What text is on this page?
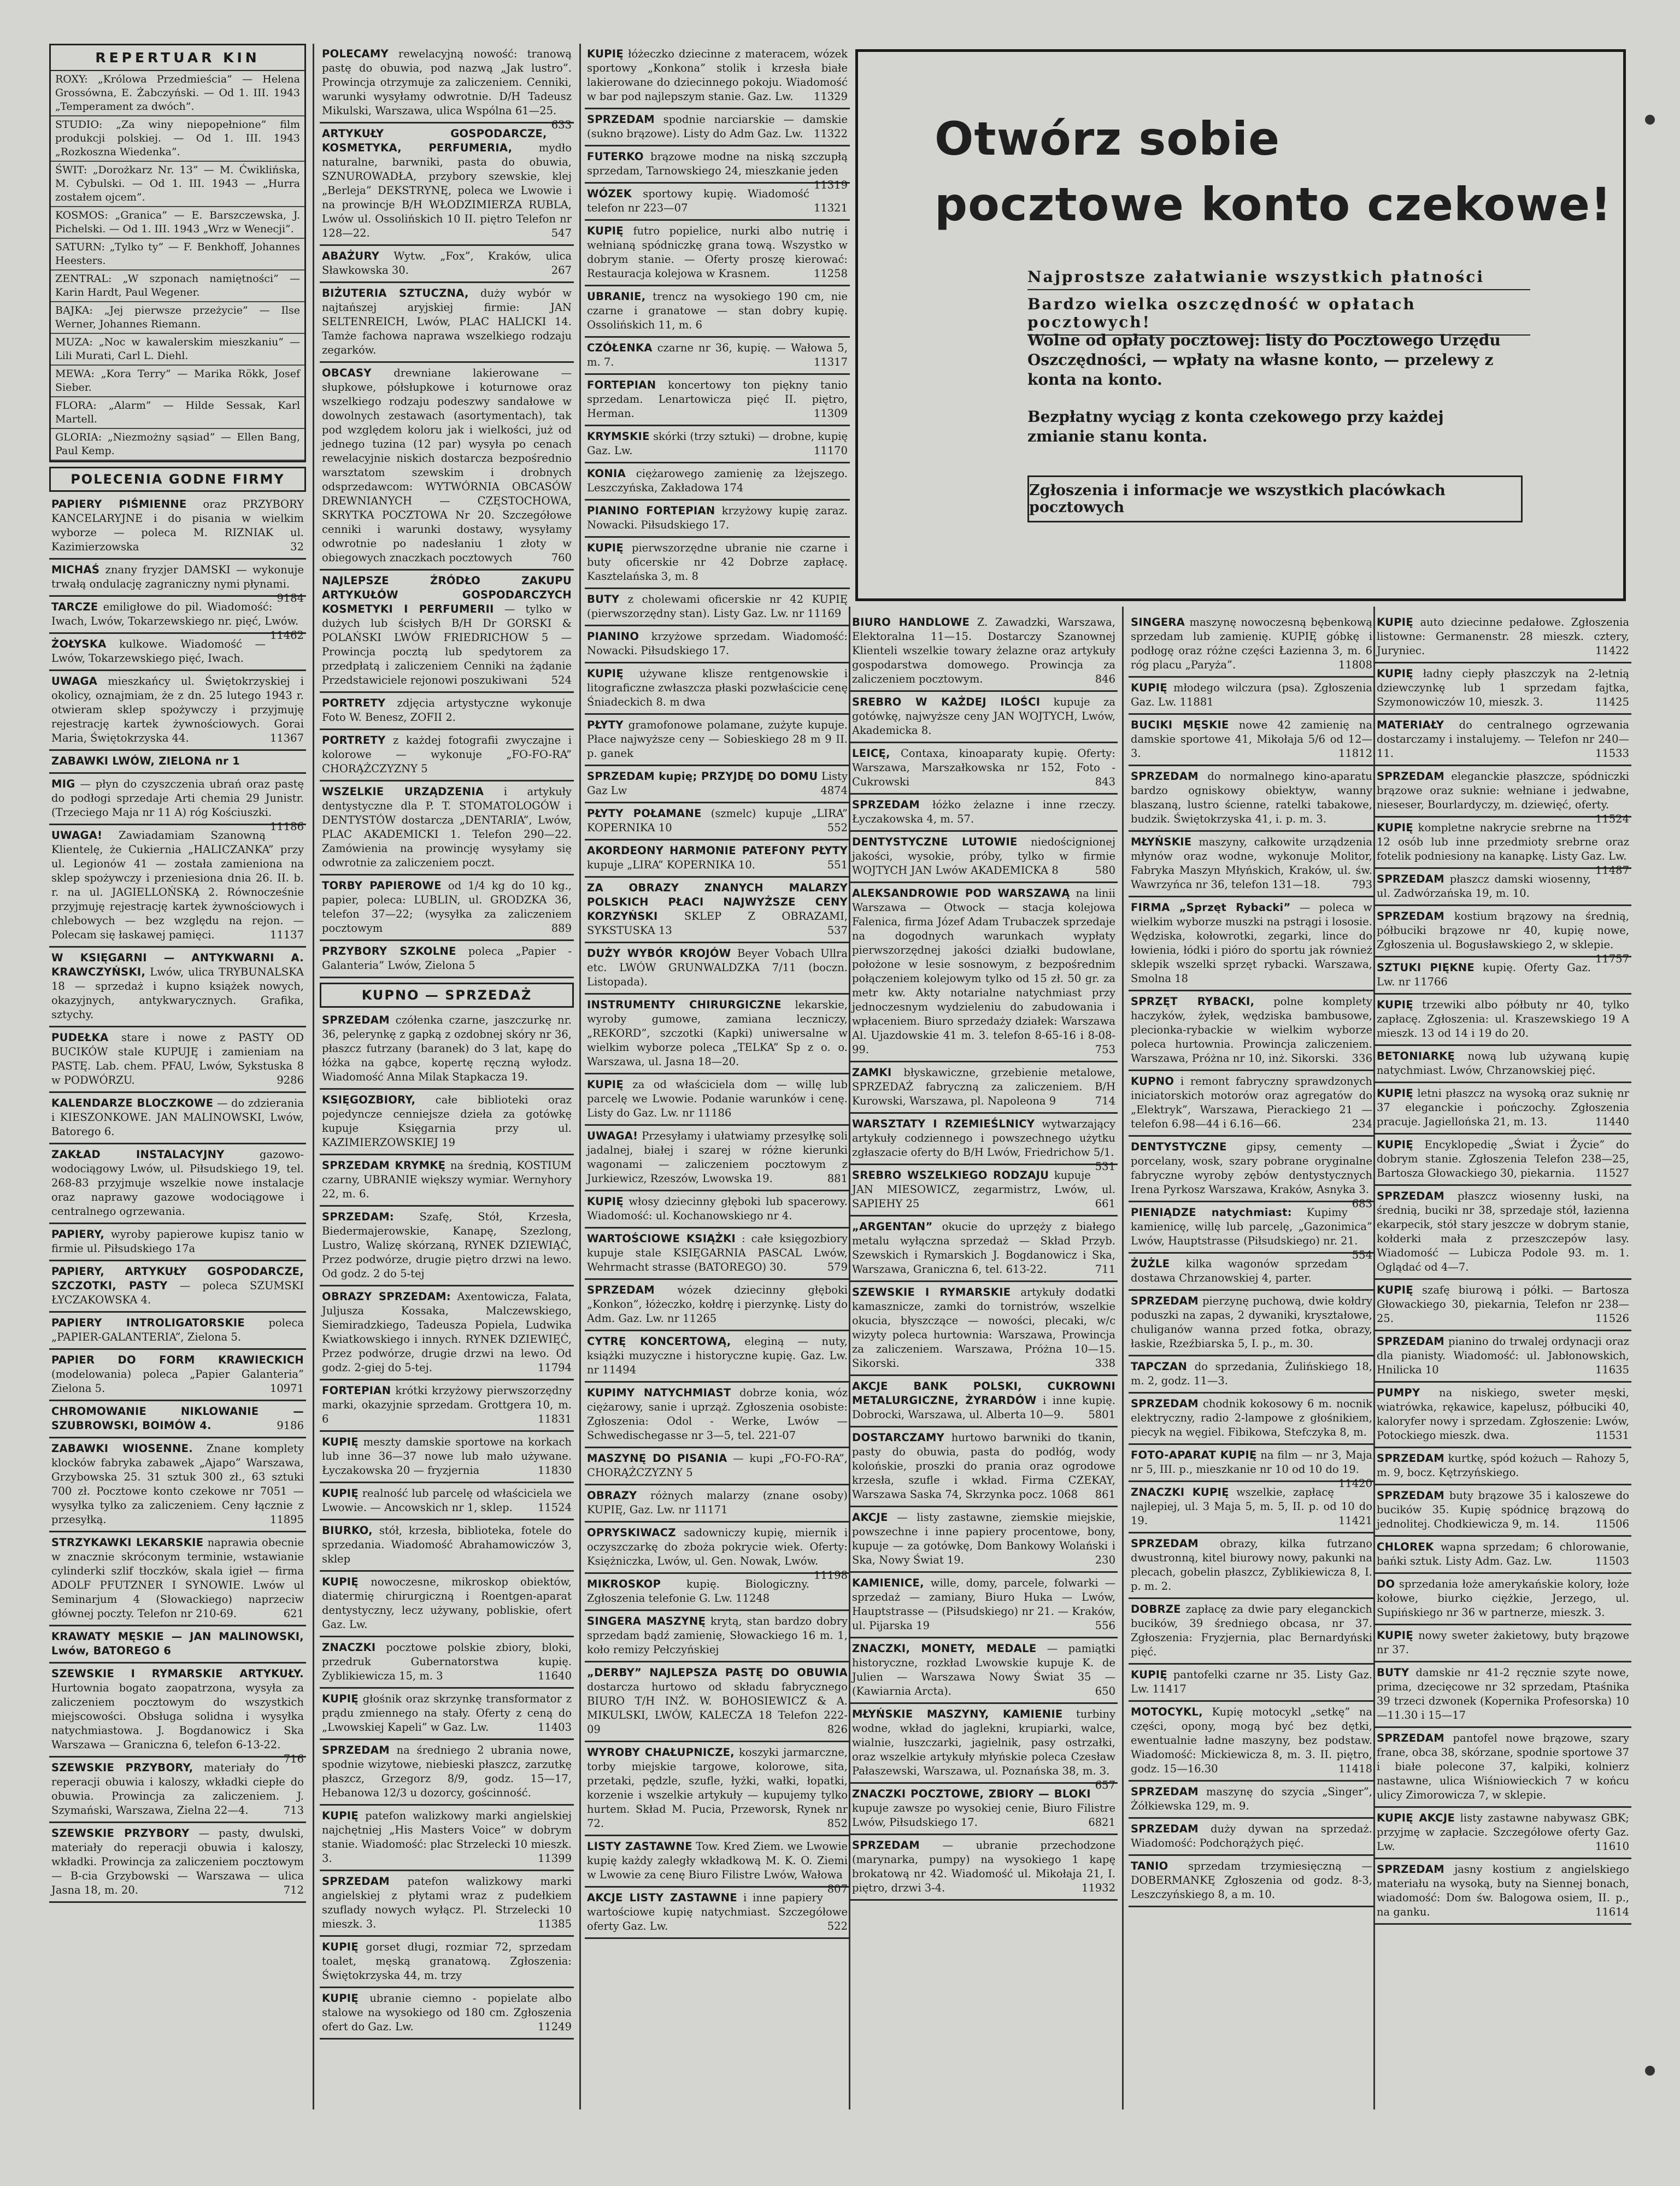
REPERTUAR KIN
ROXY: „Królowa Przedmieścia” — Helena Grossówna, E. Żabczyński. — Od 1. III. 1943 „Temperament za dwóch”.
STUDIO: „Za winy niepopełnione” film produkcji polskiej. — Od 1. III. 1943 „Rozkoszna Wiedenka”.
ŚWIT: „Dorożkarz Nr. 13” — M. Ćwiklińska, M. Cybulski. — Od 1. III. 1943 — „Hurra zostałem ojcem”.
KOSMOS: „Granica” — E. Barszczewska, J. Pichelski. — Od 1. III. 1943 „Wrz w Wenecji”.
SATURN: „Tylko ty” — F. Benkhoff, Johannes Heesters.
ZENTRAL: „W szponach namiętności” — Karin Hardt, Paul Wegener.
BAJKA: „Jej pierwsze przeżycie” — Ilse Werner, Johannes Riemann.
MUZA: „Noc w kawalerskim mieszkaniu” — Lili Murati, Carl L. Diehl.
MEWA: „Kora Terry” — Marika Rökk, Josef Sieber.
FLORA: „Alarm” — Hilde Sessak, Karl Martell.
GLORIA: „Niezmożny sąsiad” — Ellen Bang, Paul Kemp.
POLECENIA GODNE FIRMY

PAPIERY PIŚMIENNE oraz PRZYBORY KANCELARYJNE i do pisania w wielkim wyborze — poleca M. RIZNIAK ul. Kazimierzowska	32

MICHAŚ znany fryzjer DAMSKI — wykonuje trwałą ondulację zagraniczny nymi płynami.
9184

TARCZE emiligłowe do pil. Wiadomość: Iwach, Lwów, Tokarzewskiego nr. pięć, Lwów.
11462

ŻOŁYSKA kulkowe. Wiadomość — Lwów, Tokarzewskiego pięć, Iwach.

UWAGA mieszkańcy ul. Świętokrzyskiej i okolicy, oznajmiam, że z dn. 25 lutego 1943 r. otwieram sklep spożywczy i przyjmuję rejestrację kartek żywnościowych. Gorai Maria, Świętokrzyska 44.	11367

ZABAWKI LWÓW, ZIELONA nr 1

MIG — płyn do czyszczenia ubrań oraz pastę do podłogi sprzedaje Arti chemia 29 Junistr. (Trzeciego Maja nr 11 A) róg Kościuszki.
11186

UWAGA! Zawiadamiam Szanowną Klientelę, że Cukiernia „HALICZANKA” przy ul. Legionów 41 — została zamieniona na sklep spożywczy i przeniesiona dnia 26. II. b. r. na ul. JAGIELLOŃSKĄ 2. Równocześnie przyjmuję rejestrację kartek żywnościowych i chlebowych — bez względu na rejon. — Polecam się łaskawej pamięci.	11137

W KSIĘGARNI — ANTYKWARNI A. KRAWCZYŃSKI, Lwów, ulica TRYBUNALSKA 18 — sprzedaż i kupno książek nowych, okazyjnych, antykwarycznych. Grafika, sztychy.

PUDEŁKA stare i nowe z PASTY OD BUCIKÓW stale KUPUJĘ i zamieniam na PASTĘ. Lab. chem. PFAU, Lwów, Sykstuska 8 w PODWÓRZU.	9286

KALENDARZE BLOCZKOWE — do zdzierania i KIESZONKOWE. JAN MALINOWSKI, Lwów, Batorego 6.

ZAKŁAD INSTALACYJNY gazowo-wodociągowy Lwów, ul. Piłsudskiego 19, tel. 268-83 przyjmuje wszelkie nowe instalacje oraz naprawy gazowe wodociągowe i centralnego ogrzewania.

PAPIERY, wyroby papierowe kupisz tanio w firmie ul. Piłsudskiego 17a

PAPIERY, ARTYKUŁY GOSPODARCZE, SZCZOTKI, PASTY — poleca SZUMSKI ŁYCZAKOWSKA 4.

PAPIERY INTROLIGATORSKIE poleca „PAPIER-GALANTERIA”, Zielona 5.

PAPIER DO FORM KRAWIECKICH (modelowania) poleca „Papier Galanteria” Zielona 5.	10971

CHROMOWANIE NIKLOWANIE — SZUBROWSKI, BOIMÓW 4.	9186

ZABAWKI WIOSENNE. Znane komplety klocków fabryka zabawek „Ajapo” Warszawa, Grzybowska 25. 31 sztuk 300 zł., 63 sztuki 700 zł. Pocztowe konto czekowe nr 7051 — wysyłka tylko za zaliczeniem. Ceny łącznie z przesyłką.	11895

STRZYKAWKI LEKARSKIE naprawia obecnie w znacznie skróconym terminie, wstawianie cylinderki szlif tłoczków, skala igieł — firma ADOLF PFUTZNER I SYNOWIE. Lwów ul Seminarjum 4 (Słowackiego) naprzeciw głównej poczty. Telefon nr 210-69.	621

KRAWATY MĘSKIE — JAN MALINOWSKI, Lwów, BATOREGO 6

SZEWSKIE I RYMARSKIE ARTYKUŁY. Hurtownia bogato zaopatrzona, wysyła za zaliczeniem pocztowym do wszystkich miejscowości. Obsługa solidna i wysyłka natychmiastowa. J. Bogdanowicz i Ska Warszawa — Graniczna 6, telefon 6-13-22.
716

SZEWSKIE PRZYBORY, materiały do reperacji obuwia i kaloszy, wkładki ciepłe do obuwia. Prowincja za zaliczeniem. J. Szymański, Warszawa, Zielna 22—4.	713

SZEWSKIE PRZYBORY — pasty, dwulski, materiały do reperacji obuwia i kaloszy, wkładki. Prowincja za zaliczeniem pocztowym — B-cia Grzybowski — Warszawa — ulica Jasna 18, m. 20.	712

POLECAMY rewelacyjną nowość: tranową pastę do obuwia, pod nazwą „Jak lustro”. Prowincja otrzymuje za zaliczeniem. Cenniki, warunki wysyłamy odwrotnie. D/H Tadeusz Mikulski, Warszawa, ulica Wspólna 61—25.
633

ARTYKUŁY GOSPODARCZE, KOSMETYKA, PERFUMERIA, mydło naturalne, barwniki, pasta do obuwia, SZNUROWADŁA, przybory szewskie, klej „Berleja” DEKSTRYNĘ, poleca we Lwowie i na prowincje B/H WŁODZIMIERZA RUBLA, Lwów ul. Ossolińskich 10 II. piętro Telefon nr 128—22.	547

ABAŻURY Wytw. „Fox”, Kraków, ulica Sławkowska 30.	267

BIŻUTERIA SZTUCZNA, duży wybór w najtańszej aryjskiej firmie: JAN SELTENREICH, Lwów, PLAC HALICKI 14. Tamże fachowa naprawa wszelkiego rodzaju zegarków.

OBCASY drewniane lakierowane — słupkowe, półsłupkowe i koturnowe oraz wszelkiego rodzaju podeszwy sandałowe w dowolnych zestawach (asortymentach), tak pod względem koloru jak i wielkości, już od jednego tuzina (12 par) wysyła po cenach rewelacyjnie niskich dostarcza bezpośrednio warsztatom szewskim i drobnych odsprzedawcom: WYTWÓRNIA OBCASÓW DREWNIANYCH — CZĘSTOCHOWA, SKRYTKA POCZTOWA Nr 20. Szczegółowe cenniki i warunki dostawy, wysyłamy odwrotnie po nadesłaniu 1 złoty w obiegowych znaczkach pocztowych	760

NAJLEPSZE ŹRÓDŁO ZAKUPU ARTYKUŁÓW GOSPODARCZYCH KOSMETYKI I PERFUMERII — tylko w dużych lub ścisłych B/H Dr GORSKI & POLAŃSKI LWÓW FRIEDRICHOW 5 — Prowincja pocztą lub spedytorem za przedpłatą i zaliczeniem Cenniki na żądanie Przedstawiciele rejonowi poszukiwani	524

PORTRETY zdjęcia artystyczne wykonuje Foto W. Benesz, ZOFII 2.

PORTRETY z każdej fotografii zwyczajne i kolorowe — wykonuje „FO-FO-RA” CHORĄŻCZYZNY 5

WSZELKIE URZĄDZENIA i artykuły dentystyczne dla P. T. STOMATOLOGÓW i DENTYSTÓW dostarcza „DENTARIA”, Lwów, PLAC AKADEMICKI 1. Telefon 290—22. Zamówienia na prowincję wysyłamy się odwrotnie za zaliczeniem poczt.

TORBY PAPIEROWE od 1/4 kg do 10 kg., papier, poleca: LUBLIN, ul. GRODZKA 36, telefon 37—22; (wysyłka za zaliczeniem pocztowym	889

PRZYBORY SZKOLNE poleca „Papier - Galanteria” Lwów, Zielona 5

KUPNO — SPRZEDAŻ

SPRZEDAM czółenka czarne, jaszczurkę nr. 36, pelerynkę z gapką z ozdobnej skóry nr 36, płaszcz futrzany (baranek) do 3 lat, kapę do łóżka na gąbce, kopertę ręczną wyłodz. Wiadomość Anna Milak Stapkacza 19.

KSIĘGOZBIORY, całe biblioteki oraz pojedyncze cenniejsze dzieła za gotówkę kupuje Księgarnia przy ul. KAZIMIERZOWSKIEJ 19

SPRZEDAM KRYMKĘ na średnią, KOSTIUM czarny, UBRANIE większy wymiar. Wernyhory 22, m. 6.

SPRZEDAM: Szafę, Stół, Krzesła, Biedermajerowskie, Kanapę, Szezlong, Lustro, Walizę skórzaną, RYNEK DZIEWIĄĆ, Przez podwórze, drugie piętro drzwi na lewo. Od godz. 2 do 5-tej

OBRAZY SPRZEDAM: Axentowicza, Falata, Juljusza Kossaka, Malczewskiego, Siemiradzkiego, Tadeusza Popiela, Ludwika Kwiatkowskiego i innych. RYNEK DZIEWIĘĆ, Przez podwórze, drugie drzwi na lewo. Od godz. 2-giej do 5-tej.	11794

FORTEPIAN krótki krzyżowy pierwszorzędny marki, okazyjnie sprzedam. Grottgera 10, m. 6	11831

KUPIĘ meszty damskie sportowe na korkach lub inne 36—37 nowe lub mało używane. Łyczakowska 20 — fryzjernia	11830

KUPIĘ realność lub parcelę od właściciela we Lwowie. — Ancowskich nr 1, sklep.	11524

BIURKO, stół, krzesła, biblioteka, fotele do sprzedania. Wiadomość Abrahamowiczów 3, sklep

KUPIĘ nowoczesne, mikroskop obiektów, diatermię chirurgiczną i Roentgen-aparat dentystyczny, lecz używany, pobliskie, ofert Gaz. Lw.

ZNACZKI pocztowe polskie zbiory, bloki, przedruk Gubernatorstwa kupię. Zyblikiewicza 15, m. 3	11640

KUPIĘ głośnik oraz skrzynkę transformator z prądu zmiennego na stały. Oferty z ceną do „Lwowskiej Kapeli” w Gaz. Lw.	11403

SPRZEDAM na średniego 2 ubrania nowe, spodnie wizytowe, niebieski płaszcz, zarzutkę płaszcz, Grzegorz 8/9, godz. 15—17, Hebanowa 12/3 u dozorcy, gościnność.

KUPIĘ patefon walizkowy marki angielskiej najchętniej „His Masters Voice” w dobrym stanie. Wiadomość: plac Strzelecki 10 mieszk. 3.	11399

SPRZEDAM patefon walizkowy marki angielskiej z płytami wraz z pudełkiem szuflady nowych wyłącz. Pl. Strzelecki 10 mieszk. 3.	11385

KUPIĘ gorset długi, rozmiar 72, sprzedam toalet, męską granatową. Zgłoszenia: Świętokrzyska 44, m. trzy

KUPIĘ ubranie ciemno - popielate albo stalowe na wysokiego od 180 cm. Zgłoszenia ofert do Gaz. Lw.	11249

KUPIĘ łóżeczko dziecinne z materacem, wózek sportowy „Konkona” stolik i krzesła białe lakierowane do dziecinnego pokoju. Wiadomość w bar pod najlepszym stanie. Gaz. Lw.	11329

SPRZEDAM spodnie narciarskie — damskie (sukno brązowe). Listy do Adm Gaz. Lw. 11322

FUTERKO brązowe modne na niską szczupłą sprzedam, Tarnowskiego 24, mieszkanie jeden
11319

WÓZEK sportowy kupię. Wiadomość telefon nr 223—07	11321

KUPIĘ futro popielice, nurki albo nutrię i wełnianą spódniczkę grana tową. Wszystko w dobrym stanie. — Oferty proszę kierować: Restauracja kolejowa w Krasnem.	11258

UBRANIE, trencz na wysokiego 190 cm, nie czarne i granatowe — stan dobry kupię. Ossolińskich 11, m. 6

CZÓŁENKA czarne nr 36, kupię. — Wałowa 5, m. 7.	11317

FORTEPIAN koncertowy ton piękny tanio sprzedam. Lenartowicza pięć II. piętro, Herman.	11309

KRYMSKIE skórki (trzy sztuki) — drobne, kupię Gaz. Lw.	11170

KONIA ciężarowego zamienię za lżejszego. Leszczyńska, Zakładowa 174

PIANINO FORTEPIAN krzyżowy kupię zaraz. Nowacki. Piłsudskiego 17.

KUPIĘ pierwszorzędne ubranie nie czarne i buty oficerskie nr 42 Dobrze zapłacę. Kasztelańska 3, m. 8

BUTY z cholewami oficerskie nr 42 KUPIĘ (pierwszorzędny stan). Listy Gaz. Lw. nr 11169

PIANINO krzyżowe sprzedam. Wiadomość: Nowacki. Piłsudskiego 17.

KUPIĘ używane klisze rentgenowskie i litograficzne zwłaszcza płaski pozwłaścicie cenę Śniadeckich 8. m dwa

PŁYTY gramofonowe polamane, zużyte kupuje. Płace najwyższe ceny — Sobieskiego 28 m 9 II. p. ganek

SPRZEDAM kupię; PRZYJDĘ DO DOMU Listy Gaz Lw	4874

PŁYTY POŁAMANE (szmelc) kupuje „LIRA” KOPERNIKA 10	552

AKORDEONY HARMONIE PATEFONY PŁYTY kupuje „LIRA” KOPERNIKA 10.	551

ZA OBRAZY ZNANYCH MALARZY POLSKICH PŁACI NAJWYŻSZE CENY KORZYŃSKI SKLEP Z OBRAZAMI, SYKSTUSKA 13	537

DUŻY WYBÓR KROJÓW Beyer Vobach Ullra etc. LWÓW GRUNWALDZKA 7/11 (boczn. Listopada).

INSTRUMENTY CHIRURGICZNE lekarskie, wyroby gumowe, zamiana leczniczy, „REKORD”, szczotki (Kapki) uniwersalne w wielkim wyborze poleca „TELKA” Sp z o. o. Warszawa, ul. Jasna 18—20.

KUPIĘ za od właściciela dom — willę lub parcelę we Lwowie. Podanie warunków i cenę. Listy do Gaz. Lw. nr 11186

UWAGA! Przesyłamy i ułatwiamy przesyłkę soli jadalnej, białej i szarej w różne kierunki wagonami — zaliczeniem pocztowym z Jurkiewicz, Rzeszów, Lwowska 19.	881

KUPIĘ włosy dziecinny głęboki lub spacerowy. Wiadomość: ul. Kochanowskiego nr 4.

WARTOŚCIOWE KSIĄŻKI : całe księgozbiory kupuje stale KSIĘGARNIA PASCAL Lwów, Wehrmacht strasse (BATOREGO) 30.	579

SPRZEDAM wózek dziecinny głęboki „Konkon”, łóżeczko, kołdrę i pierzynkę. Listy do Adm. Gaz. Lw. nr 11265

CYTRĘ KONCERTOWĄ, eleginą — nuty, książki muzyczne i historyczne kupię. Gaz. Lw. nr 11494

KUPIMY NATYCHMIAST dobrze konia, wóz ciężarowy, sanie i uprząż. Zgłoszenia osobiste: Zgłoszenia: Odol - Werke, Lwów — Schwedischegasse nr 3—5, tel. 221-07

MASZYNĘ DO PISANIA — kupi „FO-FO-RA”, CHORĄŻCZYZNY 5

OBRAZY różnych malarzy (znane osoby) KUPIĘ, Gaz. Lw. nr 11171

OPRYSKIWACZ sadowniczy kupię, miernik i oczyszczarkę do zboża pokrycie wiek. Oferty: Księżniczka, Lwów, ul. Gen. Nowak, Lwów.
11198

MIKROSKOP kupię. Biologiczny. Zgłoszenia telefonie G. Lw. 11248

SINGERA MASZYNĘ krytą, stan bardzo dobry sprzedam bądź zamienię, Słowackiego 16 m. 1, koło remizy Pełczyńskiej

„DERBY” NAJLEPSZA PASTĘ DO OBUWIA dostarcza hurtowo od składu fabrycznego BIURO T/H INŻ. W. BOHOSIEWICZ & A. MIKULSKI, LWÓW, KALECZA 18 Telefon 222-09	826

WYROBY CHAŁUPNICZE, koszyki jarmarczne, torby miejskie targowe, kolorowe, sita, przetaki, pędzle, szufle, łyżki, wałki, łopatki, korzenie i wszelkie artykuły — kupujemy tylko hurtem. Skład M. Pucia, Przeworsk, Rynek nr 72.	852

LISTY ZASTAWNE Tow. Kred Ziem. we Lwowie kupię każdy zaległy wkładkową M. K. O. Ziemi w Lwowie za cenę Biuro Filistre Lwów, Wałowa
807

AKCJE LISTY ZASTAWNE i inne papiery wartościowe kupię natychmiast. Szczegółowe oferty Gaz. Lw.	522

Otwórz sobie
pocztowe konto czekowe!
Najprostsze załatwianie wszystkich płatności
Bardzo wielka oszczędność w opłatach pocztowych!
Wolne od opłaty pocztowej: listy do Pocztowego Urzędu Oszczędności, — wpłaty na własne konto, — przelewy z konta na konto.
Bezpłatny wyciąg z konta czekowego przy każdej zmianie stanu konta.
Zgłoszenia i informacje we wszystkich placówkach pocztowych

BIURO HANDLOWE Z. Zawadzki, Warszawa, Elektoralna 11—15. Dostarczy Szanownej Klienteli wszelkie towary żelazne oraz artykuły gospodarstwa domowego. Prowincja za zaliczeniem pocztowym.	846

SREBRO W KAŻDEJ ILOŚCI kupuje za gotówkę, najwyższe ceny JAN WOJTYCH, Lwów, Akademicka 8.

LEICĘ, Contaxa, kinoaparaty kupię. Oferty: Warszawa, Marszałkowska nr 152, Foto - Cukrowski	843

SPRZEDAM łóżko żelazne i inne rzeczy. Łyczakowska 4, m. 57.

DENTYSTYCZNE LUTOWIE niedoścignionej jakości, wysokie, próby, tylko w firmie WOJTYCH JAN Lwów AKADEMICKA 8	580

ALEKSANDROWIE POD WARSZAWĄ na linii Warszawa — Otwock — stacja kolejowa Falenica, firma Józef Adam Trubaczek sprzedaje na dogodnych warunkach wypłaty pierwszorzędnej jakości działki budowlane, położone w lesie sosnowym, z bezpośrednim połączeniem kolejowym tylko od 15 zł. 50 gr. za metr kw. Akty notarialne natychmiast przy jednoczesnym wydzieleniu do zabudowania i wpłaceniem. Biuro sprzedaży działek: Warszawa Al. Ujazdowskie 41 m. 3. telefon 8-65-16 i 8-08-99.	753

ZAMKI błyskawiczne, grzebienie metalowe, SPRZEDAŻ fabryczną za zaliczeniem. B/H Kurowski, Warszawa, pl. Napoleona 9	714

WARSZTATY I RZEMIEŚLNICY wytwarzający artykuły codziennego i powszechnego użytku zgłaszacie oferty do B/H Lwów, Friedrichow 5/1.
531

SREBRO WSZELKIEGO RODZAJU kupuje JAN MIESOWICZ, zegarmistrz, Lwów, ul. SAPIEHY 25	661

„ARGENTAN” okucie do uprzęży z białego metalu wyłączna sprzedaż — Skład Przyb. Szewskich i Rymarskich J. Bogdanowicz i Ska, Warszawa, Graniczna 6, tel. 613-22.	711

SZEWSKIE I RYMARSKIE artykuły dodatki kamasznicze, zamki do tornistrów, wszelkie okucia, błyszczące — nowości, plecaki, w/c wizyty poleca hurtownia: Warszawa, Prowincja za zaliczeniem. Warszawa, Próżna 10—15. Sikorski.	338

AKCJE BANK POLSKI, CUKROWNI METALURGICZNE, ŻYRARDÓW i inne kupię. Dobrocki, Warszawa, ul. Alberta 10—9.	5801

DOSTARCZAMY hurtowo barwniki do tkanin, pasty do obuwia, pasta do podłóg, wody kolońskie, proszki do prania oraz ogrodowe krzesła, szufle i wkład. Firma CZEKAY, Warszawa Saska 74, Skrzynka pocz. 1068	861

AKCJE — listy zastawne, ziemskie miejskie, powszechne i inne papiery procentowe, bony, kupuje — za gotówkę, Dom Bankowy Wolański i Ska, Nowy Świat 19.	230

KAMIENICE, wille, domy, parcele, folwarki — sprzedaż — zamiany, Biuro Huka — Lwów, Hauptstrasse — (Piłsudskiego) nr 21. — Kraków, ul. Pijarska 19	556

ZNACZKI, MONETY, MEDALE — pamiątki historyczne, rozkład Lwowskie kupuje K. de Julien — Warszawa Nowy Świat 35 — (Kawiarnia Arcta).	650

MŁYŃSKIE MASZYNY, KAMIENIE turbiny wodne, wkład do jaglekni, krupiarki, walce, wialnie, łuszczarki, jagielnik, pasy ostrzałki, oraz wszelkie artykuły młyńskie poleca Czesław Pałaszewski, Warszawa, ul. Poznańska 38, m. 3.
657

ZNACZKI POCZTOWE, ZBIORY — BLOKI kupuje zawsze po wysokiej cenie, Biuro Filistre Lwów, Piłsudskiego 17.	6821

SPRZEDAM — ubranie przechodzone (marynarka, pumpy) na wysokiego 1 kapę brokatową nr 42. Wiadomość ul. Mikołaja 21, I. piętro, drzwi 3-4.	11932

SINGERA maszynę nowoczesną bębenkową sprzedam lub zamienię. KUPIĘ góbkę i podłogę oraz różne części Łazienna 3, m. 6 róg placu „Paryża”.	11808

KUPIĘ młodego wilczura (psa). Zgłoszenia Gaz. Lw. 11881

BUCIKI MĘSKIE nowe 42 zamienię na damskie sportowe 41, Mikołaja 5/6 od 12—3.	11812

SPRZEDAM do normalnego kino-aparatu bardzo ogniskowy obiektyw, wanny blaszaną, lustro ścienne, ratelki tabakowe, budzik. Świętokrzyska 41, i. p. m. 3.

MŁYŃSKIE maszyny, całkowite urządzenia młynów oraz wodne, wykonuje Molitor, Fabryka Maszyn Młyńskich, Kraków, ul. św. Wawrzyńca nr 36, telefon 131—18.	793

FIRMA „Sprzęt Rybacki” — poleca w wielkim wyborze muszki na pstrągi i lososie. Wędziska, kołowrotki, zegarki, lince do łowienia, łódki i pióro do sportu jak również sklepik wszelki sprzęt rybacki. Warszawa, Smolna 18

SPRZĘT RYBACKI, polne komplety haczyków, żyłek, wędziska bambusowe, plecionka-rybackie w wielkim wyborze poleca hurtownia. Prowincja zaliczeniem. Warszawa, Próżna nr 10, inż. Sikorski.	336

KUPNO i remont fabryczny sprawdzonych iniciatorskich motorów oraz agregatów do „Elektryk”, Warszawa, Pierackiego 21 — telefon 6.98—44 i 6.16—66.	234

DENTYSTYCZNE gipsy, cementy — porcelany, wosk, szary pobrane oryginalne fabryczne wyroby zębów dentystycznych Irena Pyrkosz Warszawa, Kraków, Asnyka 3.
683

PIENIĄDZE natychmiast: Kupimy kamienicę, willę lub parcelę, „Gazonimica” Lwów, Hauptstrasse (Piłsudskiego) nr. 21.
554

ŻUŻLE kilka wagonów sprzedam dostawa Chrzanowskiej 4, parter.

SPRZEDAM pierzynę puchową, dwie kołdry poduszki na zapas, 2 dywaniki, kryształowe, chuliganów wanna przed fotka, obrazy, łaskie, Rzeźbiarska 5, I. p., m. 30.

TAPCZAN do sprzedania, Żulińskiego 18, m. 2, godz. 11—3.

SPRZEDAM chodnik kokosowy 6 m. nocnik elektryczny, radio 2-lampowe z głośnikiem, piecyk na węgiel. Fibikowa, Stefczyka 8, m.

FOTO-APARAT KUPIĘ na film — nr 3, Maja nr 5, III. p., mieszkanie nr 10 od 10 do 19.
11420

ZNACZKI KUPIĘ wszelkie, zapłacę najlepiej, ul. 3 Maja 5, m. 5, II. p. od 10 do 19.	11421

SPRZEDAM obrazy, kilka futrzano dwustronną, kitel biurowy nowy, pakunki na plecach, gobelin płaszcz, Zyblikiewicza 8, I. p. m. 2.

DOBRZE zapłacę za dwie pary eleganckich bucików, 39 średniego obcasa, nr 37. Zgłoszenia: Fryzjernia, plac Bernardyński pięć.

KUPIĘ pantofelki czarne nr 35. Listy Gaz. Lw. 11417

MOTOCYKL, Kupię motocykl „setkę” na części, opony, mogą być bez dętki, ewentualnie ładne maszyny, bez podstaw. Wiadomość: Mickiewicza 8, m. 3. II. piętro, godz. 15—16.30	11418

SPRZEDAM maszynę do szycia „Singer”, Żółkiewska 129, m. 9.

SPRZEDAM duży dywan na sprzedaż. Wiadomość: Podchorążych pięć.

TANIO sprzedam trzymiesięczną — DOBERMANKĘ Zgłoszenia od godz. 8-3, Leszczyńskiego 8, a m. 10.

KUPIĘ auto dziecinne pedałowe. Zgłoszenia listowne: Germanenstr. 28 mieszk. cztery, Juryniec.	11422

KUPIĘ ładny ciepły płaszczyk na 2-letnią dziewczynkę lub 1 sprzedam fajtka, Szymonowiczów 10, mieszk. 3.	11425

MATERIAŁY do centralnego ogrzewania dostarczamy i instalujemy. — Telefon nr 240—11.	11533

SPRZEDAM eleganckie płaszcze, spódniczki brązowe oraz suknie: wełniane i jedwabne, nieseser, Bourlardyczy, m. dziewięć, oferty.
11524

KUPIĘ kompletne nakrycie srebrne na 12 osób lub inne przedmioty srebrne oraz fotelik podniesiony na kanapkę. Listy Gaz. Lw.
11487

SPRZEDAM płaszcz damski wiosenny, ul. Zadwórzańska 19, m. 10.

SPRZEDAM kostium brązowy na średnią, półbuciki brązowe nr 40, kupię nowe, Zgłoszenia ul. Bogusławskiego 2, w sklepie.
11757

SZTUKI PIĘKNE kupię. Oferty Gaz. Lw. nr 11766

KUPIĘ trzewiki albo półbuty nr 40, tylko zapłacę. Zgłoszenia: ul. Kraszewskiego 19 A mieszk. 13 od 14 i 19 do 20.

BETONIARKĘ nową lub używaną kupię natychmiast. Lwów, Chrzanowskiej pięć.

KUPIĘ letni płaszcz na wysoką oraz suknię nr 37 eleganckie i pończochy. Zgłoszenia pracuje. Jagiellońska 21, m. 13.	11440

KUPIĘ Encyklopedię „Świat i Życie” do dobrym stanie. Zgłoszenia Telefon 238—25, Bartosza Głowackiego 30, piekarnia.	11527

SPRZEDAM płaszcz wiosenny łuski, na średnią, buciki nr 38, sprzedaje stół, łazienna ekarpecik, stół stary jeszcze w dobrym stanie, kołderki mała z przeszczepów lasy. Wiadomość — Lubicza Podole 93. m. 1. Oglądać od 4—7.

KUPIĘ szafę biurową i półki. — Bartosza Głowackiego 30, piekarnia, Telefon nr 238—25.	11526

SPRZEDAM pianino do trwalej ordynacji oraz dla pianisty. Wiadomość: ul. Jabłonowskich, Hnilicka 10	11635

PUMPY na niskiego, sweter męski, wiatrówka, rękawice, kapelusz, półbuciki 40, kaloryfer nowy i sprzedam. Zgłoszenie: Lwów, Potockiego mieszk. dwa.	11531

SPRZEDAM kurtkę, spód kożuch — Rahozy 5, m. 9, bocz. Kętrzyńskiego.

SPRZEDAM buty brązowe 35 i kaloszewe do bucików 35. Kupię spódnicę brązową do jednolitej. Chodkiewicza 9, m. 14.	11506

CHLOREK wapna sprzedam; 6 chlorowanie, bańki sztuk. Listy Adm. Gaz. Lw.	11503

DO sprzedania łoże amerykańskie kolory, łoże kołowe, biurko ciężkie, Jerzego, ul. Supińskiego nr 36 w partnerze, mieszk. 3.

KUPIĘ nowy sweter żakietowy, buty brązowe nr 37.

BUTY damskie nr 41-2 ręcznie szyte nowe, prima, dzecięcowe nr 32 sprzedam, Ptaśnika 39 trzeci dzwonek (Kopernika Profesorska) 10—11.30 i 15—17

SPRZEDAM pantofel nowe brązowe, szary frane, obca 38, skórzane, spodnie sportowe 37 i białe polecone 37, kalpiki, kolnierz nastawne, ulica Wiśniowieckich 7 w końcu ulicy Zimorowicza 7, w sklepie.

KUPIĘ AKCJE listy zastawne nabywasz GBK; przyjmę w zapłacie. Szczegółowe oferty Gaz. Lw.	11610

SPRZEDAM jasny kostium z angielskiego materiału na wysoką, buty na Siennej bonach, wiadomość: Dom św. Balogowa osiem, II. p., na ganku.	11614
